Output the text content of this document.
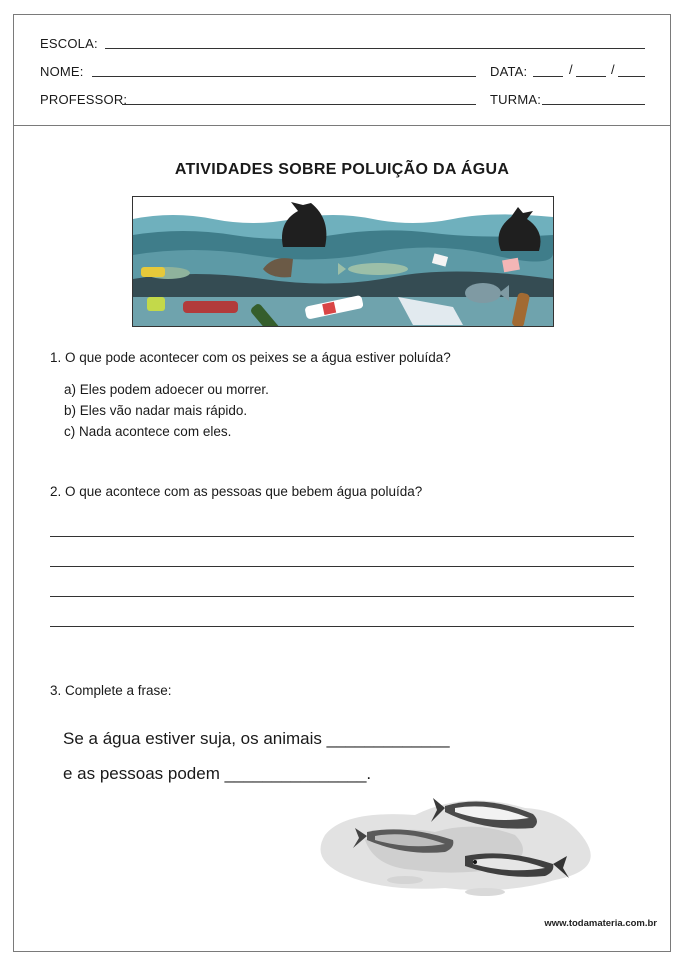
ESCOLA:
NOME:	DATA:	/	/
PROFESSOR:	TURMA:
ATIVIDADES SOBRE POLUIÇÃO DA ÁGUA
1. O que pode acontecer com os peixes se a água estiver poluída?
a) Eles podem adoecer ou morrer.
b) Eles vão nadar mais rápido.
c) Nada acontece com eles.
2. O que acontece com as pessoas que bebem água poluída?
3. Complete a frase:
Se a água estiver suja, os animais _____________
e as pessoas podem _______________.
www.todamateria.com.br
